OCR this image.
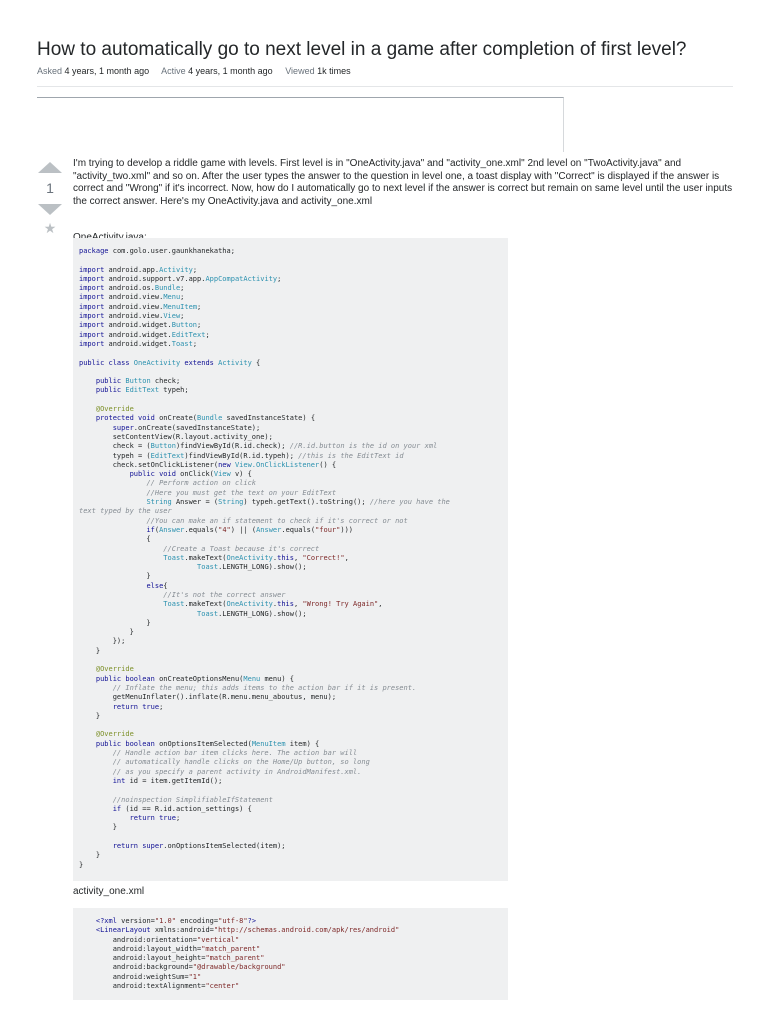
How to automatically go to next level in a game after completion of first level?
Asked 4 years, 1 month ago Active 4 years, 1 month ago Viewed 1k times
1
★
I'm trying to develop a riddle game with levels. First level is in "OneActivity.java" and "activity_one.xml" 2nd level on "TwoActivity.java" and "activity_two.xml" and so on. After the user types the answer to the question in level one, a toast display with "Correct" is displayed if the answer is correct and "Wrong" if it's incorrect. Now, how do I automatically go to next level if the answer is correct but remain on same level until the user inputs the correct answer. Here's my OneActivity.java and activity_one.xml
package com.golo.user.gaunkhanekatha;

import android.app.Activity;
import android.support.v7.app.AppCompatActivity;
import android.os.Bundle;
import android.view.Menu;
import android.view.MenuItem;
import android.view.View;
import android.widget.Button;
import android.widget.EditText;
import android.widget.Toast;

public class OneActivity extends Activity {

public Button check;
public EditText typeh;

@Override
protected void onCreate(Bundle savedInstanceState) {
super.onCreate(savedInstanceState);
setContentView(R.layout.activity_one);
check = (Button)findViewById(R.id.check); //R.id.button is the id on your xml
typeh = (EditText)findViewById(R.id.typeh); //this is the EditText id
check.setOnClickListener(new View.OnClickListener() {
public void onClick(View v) {
// Perform action on click
//Here you must get the text on your EditText
String Answer = (String) typeh.getText().toString(); //here you have the
text typed by the user
//You can make an if statement to check if it's correct or not
if(Answer.equals("4") || (Answer.equals("four")))
{
//Create a Toast because it's correct
Toast.makeText(OneActivity.this, "Correct!",
Toast.LENGTH_LONG).show();
}
else{
//It's not the correct answer
Toast.makeText(OneActivity.this, "Wrong! Try Again",
Toast.LENGTH_LONG).show();
}
}
});
}

@Override
public boolean onCreateOptionsMenu(Menu menu) {
// Inflate the menu; this adds items to the action bar if it is present.
getMenuInflater().inflate(R.menu.menu_aboutus, menu);
return true;
}

@Override
public boolean onOptionsItemSelected(MenuItem item) {
// Handle action bar item clicks here. The action bar will
// automatically handle clicks on the Home/Up button, so long
// as you specify a parent activity in AndroidManifest.xml.
int id = item.getItemId();

//noinspection SimplifiableIfStatement
if (id == R.id.action_settings) {
return true;
}

return super.onOptionsItemSelected(item);
}
}

activity_one.xml
<?xml version="1.0" encoding="utf-8"?>
<LinearLayout xmlns:android="http://schemas.android.com/apk/res/android"
android:orientation="vertical"
android:layout_width="match_parent"
android:layout_height="match_parent"
android:background="@drawable/background"
android:weightSum="1"
android:textAlignment="center"
